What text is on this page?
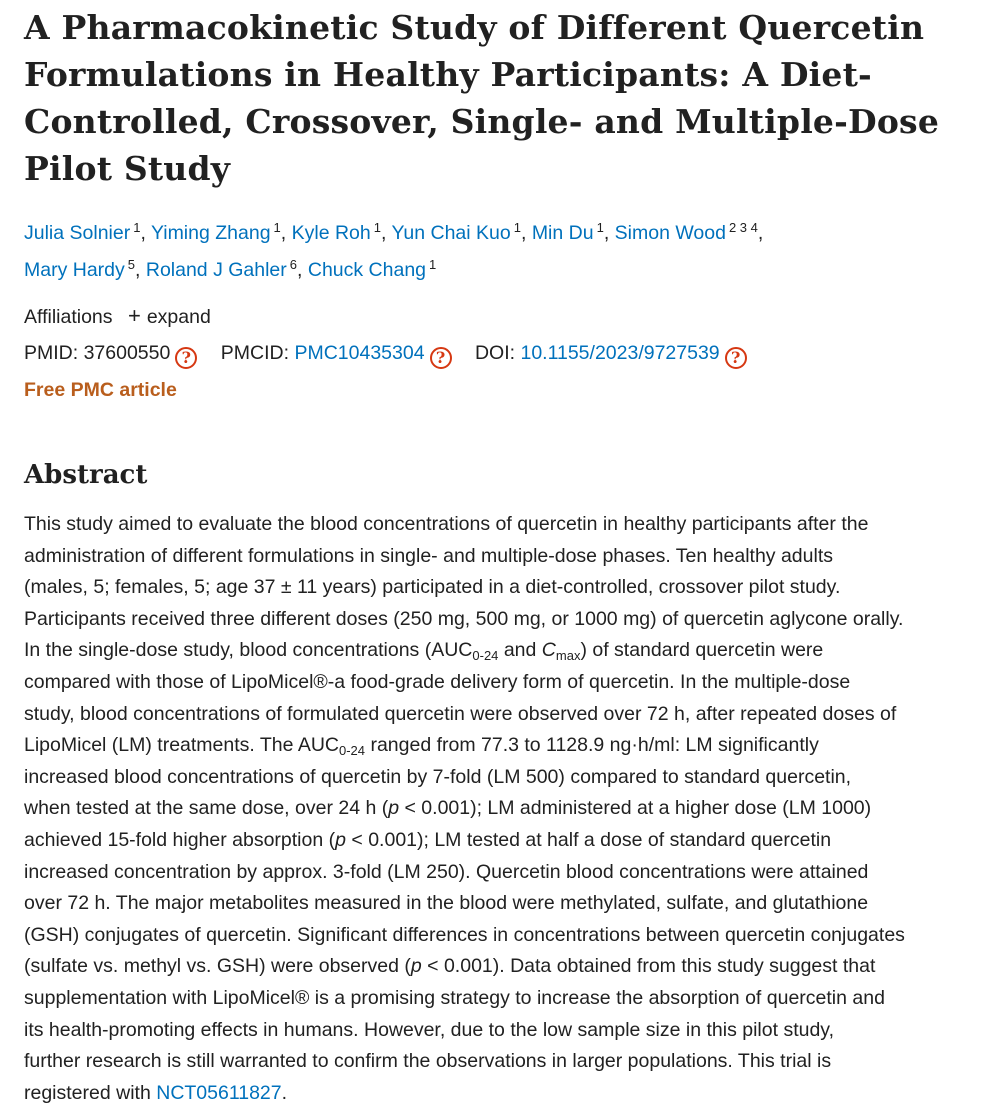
A Pharmacokinetic Study of Different Quercetin
Formulations in Healthy Participants: A Diet-
Controlled, Crossover, Single- and Multiple-Dose
Pilot Study
Julia Solnier $^1$, Yiming Zhang $^1$, Kyle Roh $^1$, Yun Chai Kuo $^1$, Min Du $^1$, Simon Wood $^{2 3 4}$,
Mary Hardy $^5$, Roland J Gahler $^6$, Chuck Chang $^1$
Affiliations + expand
PMID: 37600550 ? PMCID: PMC10435304 ? DOI: 10.1155/2023/9727539 ?
Free PMC article
Abstract
This study aimed to evaluate the blood concentrations of quercetin in healthy participants after the
administration of different formulations in single- and multiple-dose phases. Ten healthy adults
(males, 5; females, 5; age 37 ± 11 years) participated in a diet-controlled, crossover pilot study.
Participants received three different doses (250 mg, 500 mg, or 1000 mg) of quercetin aglycone orally.
In the single-dose study, blood concentrations ($AUC_{0-24}$ and $C_{max}$) of standard quercetin were
compared with those of LipoMicel®-a food-grade delivery form of quercetin. In the multiple-dose
study, blood concentrations of formulated quercetin were observed over 72 h, after repeated doses of
LipoMicel (LM) treatments. The $AUC_{0-24}$ ranged from 77.3 to 1128.9 ng·h/ml: LM significantly
increased blood concentrations of quercetin by 7-fold (LM 500) compared to standard quercetin,
when tested at the same dose, over 24 h (p < 0.001); LM administered at a higher dose (LM 1000)
achieved 15-fold higher absorption (p < 0.001); LM tested at half a dose of standard quercetin
increased concentration by approx. 3-fold (LM 250). Quercetin blood concentrations were attained
over 72 h. The major metabolites measured in the blood were methylated, sulfate, and glutathione
(GSH) conjugates of quercetin. Significant differences in concentrations between quercetin conjugates
(sulfate vs. methyl vs. GSH) were observed (p < 0.001). Data obtained from this study suggest that
supplementation with LipoMicel® is a promising strategy to increase the absorption of quercetin and
its health-promoting effects in humans. However, due to the low sample size in this pilot study,
further research is still warranted to confirm the observations in larger populations. This trial is
registered with NCT05611827.
